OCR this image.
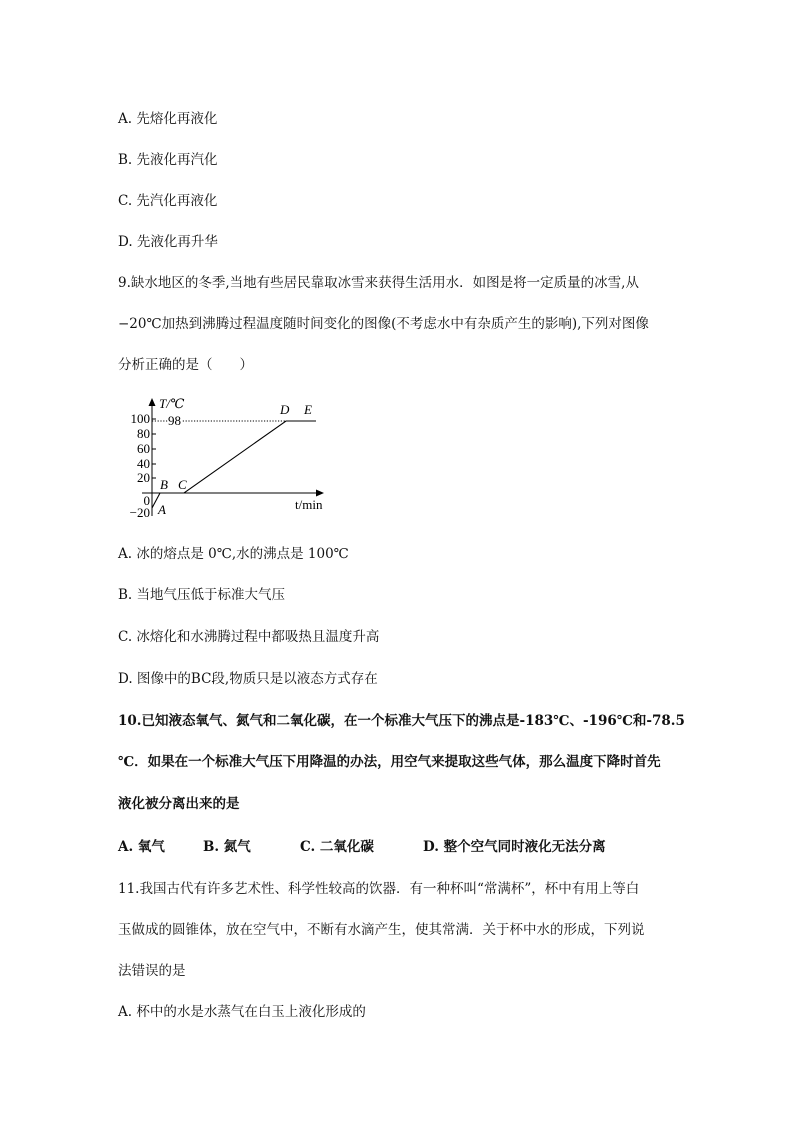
A. 先熔化再液化
B. 先液化再汽化
C. 先汽化再液化
D. 先液化再升华
9.缺水地区的冬季,当地有些居民靠取冰雪来获得生活用水．如图是将一定质量的冰雪,从
−20℃加热到沸腾过程温度随时间变化的图像(不考虑水中有杂质产生的影响),下列对图像
分析正确的是（　　）
T/℃
t/min
100
80
60
40
20
0
−20
98
A
B C
D E
A. 冰的熔点是 0℃,水的沸点是 100℃
B. 当地气压低于标准大气压
C. 冰熔化和水沸腾过程中都吸热且温度升高
D. 图像中的BC段,物质只是以液态方式存在
10.已知液态氧气、氮气和二氧化碳，在一个标准大气压下的沸点是-183℃、-196℃和-78.5
℃．如果在一个标准大气压下用降温的办法，用空气来提取这些气体，那么温度下降时首先
液化被分离出来的是
A. 氧气	B. 氮气	C. 二氧化碳	D. 整个空气同时液化无法分离
11.我国古代有许多艺术性、科学性较高的饮器．有一种杯叫“常满杯”，杯中有用上等白
玉做成的圆锥体，放在空气中，不断有水滴产生，使其常满．关于杯中水的形成，下列说
法错误的是
A. 杯中的水是水蒸气在白玉上液化形成的
